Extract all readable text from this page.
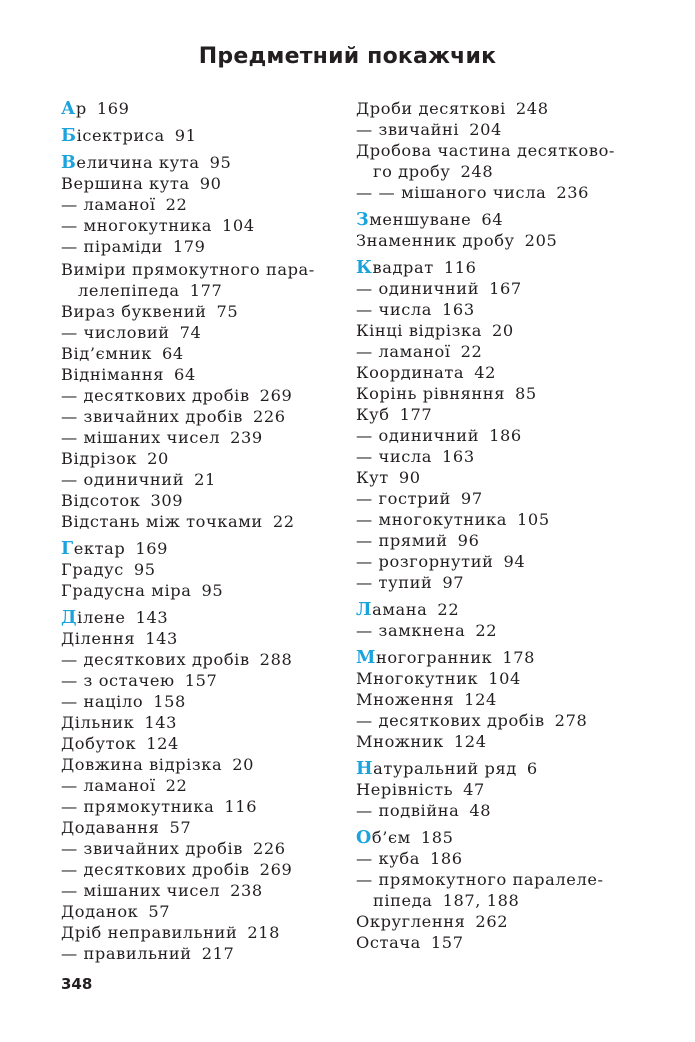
Предметний покажчик
Ар 169
Бісектриса 91
Величина кута 95
Вершина кута 90
— ламаної 22
— многокутника 104
— піраміди 179
Виміри прямокутного пара-
лелепіпеда 177
Вираз буквений 75
— числовий 74
Від’ємник 64
Віднімання 64
— десяткових дробів 269
— звичайних дробів 226
— мішаних чисел 239
Відрізок 20
— одиничний 21
Відсоток 309
Відстань між точками 22
Гектар 169
Градус 95
Градусна міра 95
Ділене 143
Ділення 143
— десяткових дробів 288
— з остачею 157
— націло 158
Дільник 143
Добуток 124
Довжина відрізка 20
— ламаної 22
— прямокутника 116
Додавання 57
— звичайних дробів 226
— десяткових дробів 269
— мішаних чисел 238
Доданок 57
Дріб неправильний 218
— правильний 217
Дроби десяткові 248
— звичайні 204
Дробова частина десятково-
го дробу 248
— — мішаного числа 236
Зменшуване 64
Знаменник дробу 205
Квадрат 116
— одиничний 167
— числа 163
Кінці відрізка 20
— ламаної 22
Координата 42
Корінь рівняння 85
Куб 177
— одиничний 186
— числа 163
Кут 90
— гострий 97
— многокутника 105
— прямий 96
— розгорнутий 94
— тупий 97
Ламана 22
— замкнена 22
Многогранник 178
Многокутник 104
Множення 124
— десяткових дробів 278
Множник 124
Натуральний ряд 6
Нерівність 47
— подвійна 48
Об’єм 185
— куба 186
— прямокутного паралеле-
піпеда 187, 188
Округлення 262
Остача 157
348
